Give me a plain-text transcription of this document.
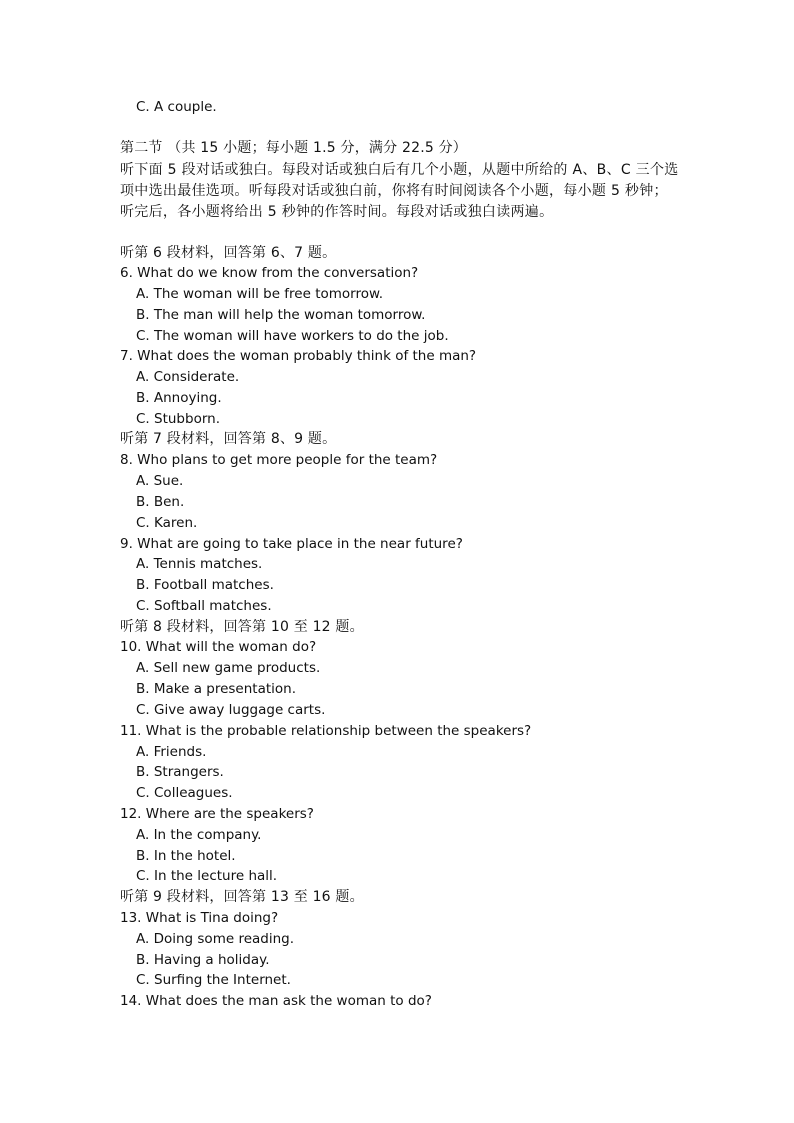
C. A couple.
第二节 （共 15 小题；每小题 1.5 分，满分 22.5 分）
听下面 5 段对话或独白。每段对话或独白后有几个小题，从题中所给的 A、B、C 三个选项中选出最佳选项。听每段对话或独白前，你将有时间阅读各个小题，每小题 5 秒钟；听完后，各小题将给出 5 秒钟的作答时间。每段对话或独白读两遍。
听第 6 段材料，回答第 6、7 题。
6. What do we know from the conversation?
A. The woman will be free tomorrow.
B. The man will help the woman tomorrow.
C. The woman will have workers to do the job.
7. What does the woman probably think of the man?
A. Considerate.
B. Annoying.
C. Stubborn.
听第 7 段材料，回答第 8、9 题。
8. Who plans to get more people for the team?
A. Sue.
B. Ben.
C. Karen.
9. What are going to take place in the near future?
A. Tennis matches.
B. Football matches.
C. Softball matches.
听第 8 段材料，回答第 10 至 12 题。
10. What will the woman do?
A. Sell new game products.
B. Make a presentation.
C. Give away luggage carts.
11. What is the probable relationship between the speakers?
A. Friends.
B. Strangers.
C. Colleagues.
12. Where are the speakers?
A. In the company.
B. In the hotel.
C. In the lecture hall.
听第 9 段材料，回答第 13 至 16 题。
13. What is Tina doing?
A. Doing some reading.
B. Having a holiday.
C. Surfing the Internet.
14. What does the man ask the woman to do?
